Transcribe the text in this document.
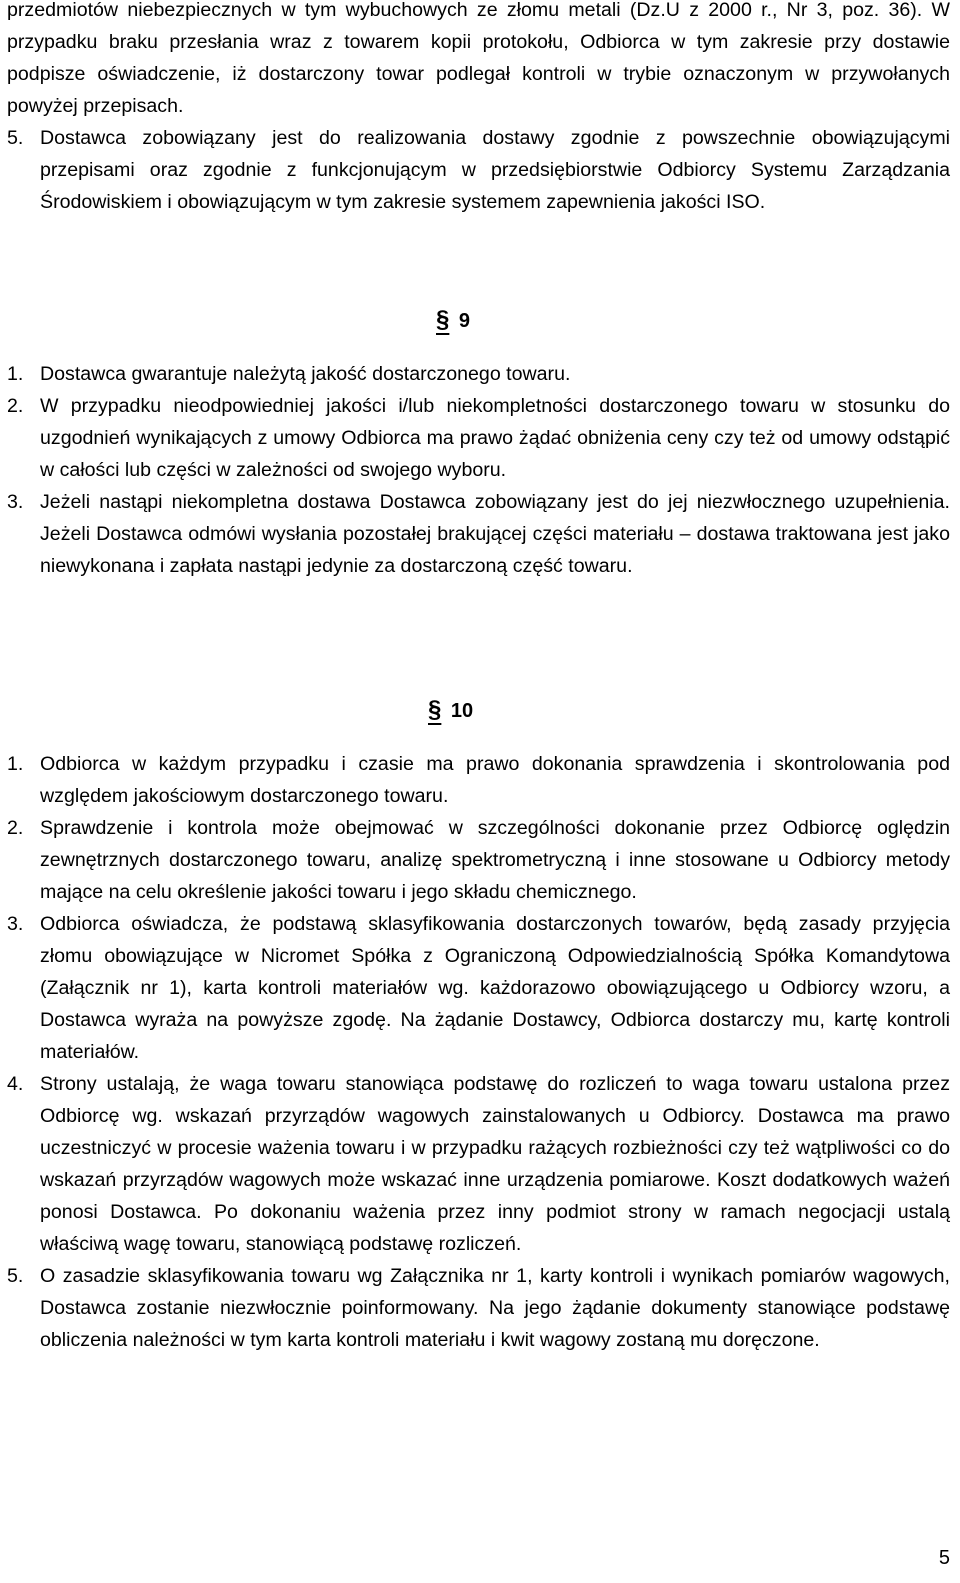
przedmiotów niebezpiecznych w tym wybuchowych ze złomu metali (Dz.U z 2000 r., Nr 3, poz. 36). W przypadku braku przesłania wraz z towarem kopii protokołu, Odbiorca w tym zakresie przy dostawie podpisze oświadczenie, iż dostarczony towar podlegał kontroli w trybie oznaczonym w przywołanych powyżej przepisach.
5. Dostawca zobowiązany jest do realizowania dostawy zgodnie z powszechnie obowiązującymi przepisami oraz zgodnie z funkcjonującym w przedsiębiorstwie Odbiorcy Systemu Zarządzania Środowiskiem i obowiązującym w tym zakresie systemem zapewnienia jakości ISO.
§ 9
1. Dostawca gwarantuje należytą jakość dostarczonego towaru.
2. W przypadku nieodpowiedniej jakości i/lub niekompletności dostarczonego towaru w stosunku do uzgodnień wynikających z umowy Odbiorca ma prawo żądać obniżenia ceny czy też od umowy odstąpić w całości lub części w zależności od swojego wyboru.
3. Jeżeli nastąpi niekompletna dostawa Dostawca zobowiązany jest do jej niezwłocznego uzupełnienia. Jeżeli Dostawca odmówi wysłania pozostałej brakującej części materiału – dostawa traktowana jest jako niewykonana i zapłata nastąpi jedynie za dostarczoną część towaru.
§ 10
1. Odbiorca w każdym przypadku i czasie ma prawo dokonania sprawdzenia i skontrolowania pod względem jakościowym dostarczonego towaru.
2. Sprawdzenie i kontrola może obejmować w szczególności dokonanie przez Odbiorcę oględzin zewnętrznych dostarczonego towaru, analizę spektrometryczną i inne stosowane u Odbiorcy metody mające na celu określenie jakości towaru i jego składu chemicznego.
3. Odbiorca oświadcza, że podstawą sklasyfikowania dostarczonych towarów, będą zasady przyjęcia złomu obowiązujące w Nicromet Spółka z Ograniczoną Odpowiedzialnością Spółka Komandytowa (Załącznik nr 1), karta kontroli materiałów wg. każdorazowo obowiązującego u Odbiorcy wzoru, a Dostawca wyraża na powyższe zgodę. Na żądanie Dostawcy, Odbiorca dostarczy mu, kartę kontroli materiałów.
4. Strony ustalają, że waga towaru stanowiąca podstawę do rozliczeń to waga towaru ustalona przez Odbiorcę wg. wskazań przyrządów wagowych zainstalowanych u Odbiorcy. Dostawca ma prawo uczestniczyć w procesie ważenia towaru i w przypadku rażących rozbieżności czy też wątpliwości co do wskazań przyrządów wagowych może wskazać inne urządzenia pomiarowe. Koszt dodatkowych ważeń ponosi Dostawca. Po dokonaniu ważenia przez inny podmiot strony w ramach negocjacji ustalą właściwą wagę towaru, stanowiącą podstawę rozliczeń.
5. O zasadzie sklasyfikowania towaru wg Załącznika nr 1, karty kontroli i wynikach pomiarów wagowych, Dostawca zostanie niezwłocznie poinformowany. Na jego żądanie dokumenty stanowiące podstawę obliczenia należności w tym karta kontroli materiału i kwit wagowy zostaną mu doręczone.
5
